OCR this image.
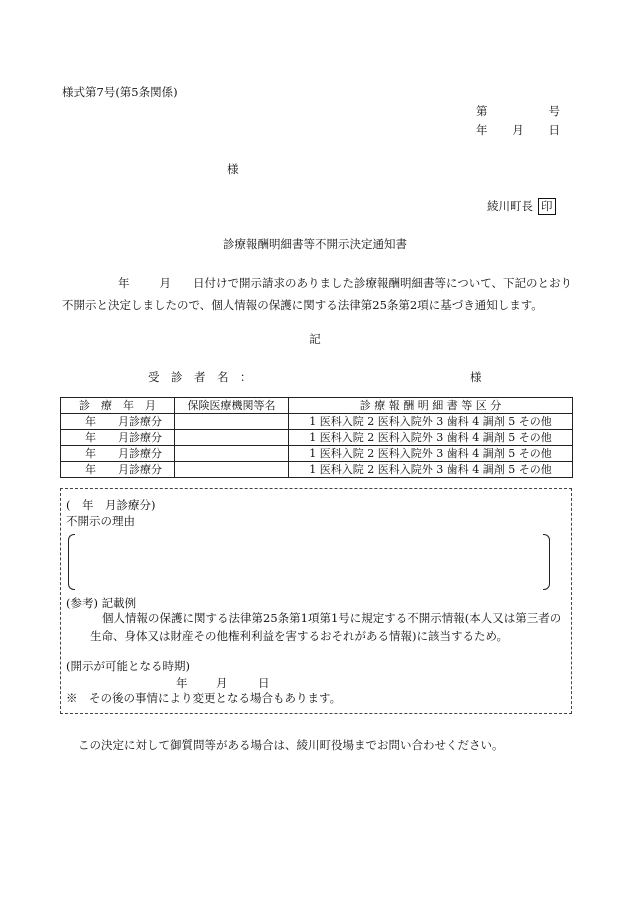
様式第7号(第5条関係)
第	号
年 月 日
様
綾川町長 印
診療報酬明細書等不開示決定通知書
年	月 日付けで開示請求のありました診療報酬明細書等について、下記のとおり不開示と決定しましたので、個人情報の保護に関する法律第25条第2項に基づき通知します。
記
受　診　者　名　：	様
診　療　年　月	保険医療機関等名	診 療 報 酬 明 細 書 等 区 分
年　　月診療分		1 医科入院 2 医科入院外 3 歯科 4 調剤 5 その他
年　　月診療分		1 医科入院 2 医科入院外 3 歯科 4 調剤 5 その他
年　　月診療分		1 医科入院 2 医科入院外 3 歯科 4 調剤 5 その他
年　　月診療分		1 医科入院 2 医科入院外 3 歯科 4 調剤 5 その他
(　年　月診療分)
不開示の理由
(参考) 記載例
個人情報の保護に関する法律第25条第1項第1号に規定する不開示情報(本人又は第三者の生命、身体又は財産その他権利利益を害するおそれがある情報)に該当するため。
(開示が可能となる時期)
年 月	日
※　その後の事情により変更となる場合もあります。
この決定に対して御質問等がある場合は、綾川町役場までお問い合わせください。
